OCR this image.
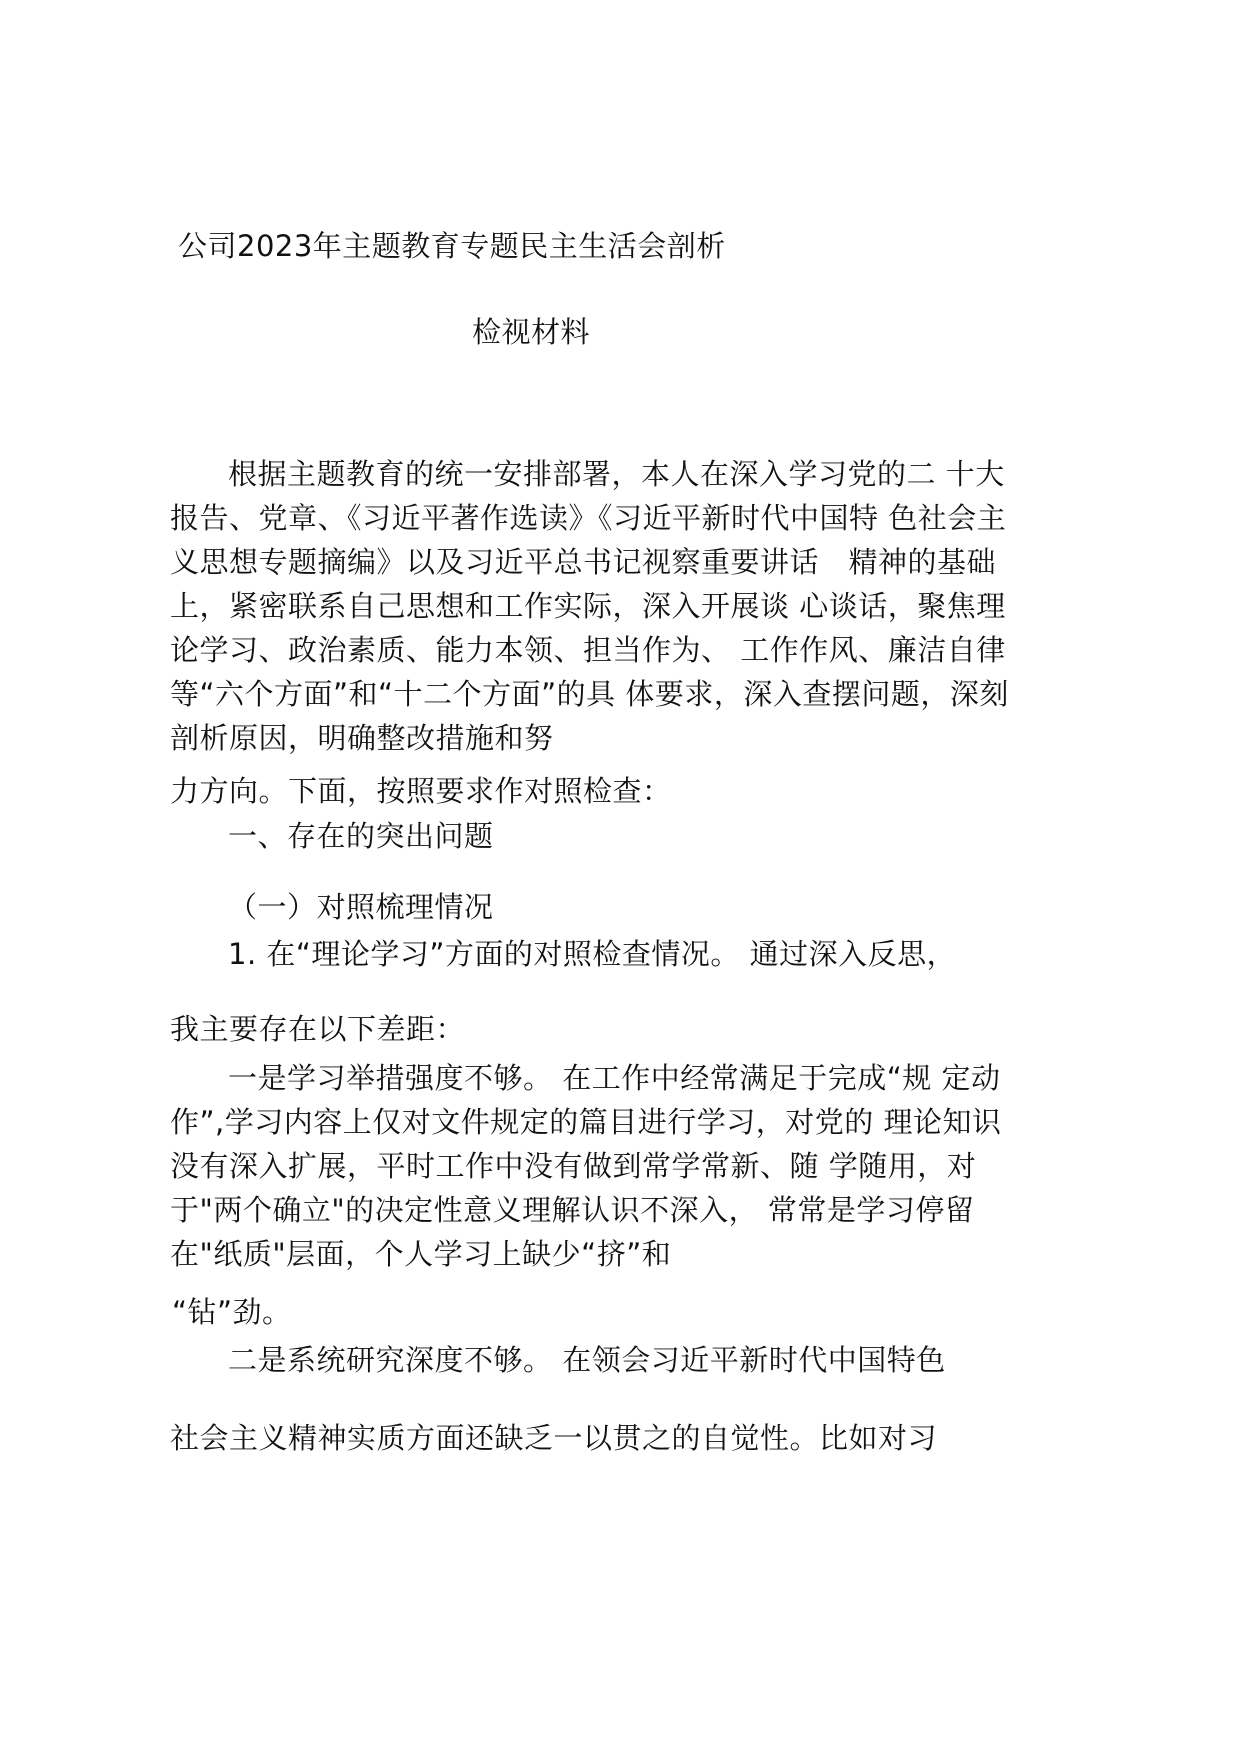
公司2023年主题教育专题民主生活会剖析
检视材料
根据主题教育的统一安排部署，本人在深入学习党的二 十大
报告、党章、《习近平著作选读》《习近平新时代中国特 色社会主
义思想专题摘编》以及习近平总书记视察重要讲话　精神的基础
上，紧密联系自己思想和工作实际，深入开展谈 心谈话，聚焦理
论学习、政治素质、能力本领、担当作为、 工作作风、廉洁自律
等“六个方面”和“十二个方面”的具 体要求，深入查摆问题，深刻
剖析原因，明确整改措施和努
力方向。下面，按照要求作对照检查：
一、存在的突出问题
（一）对照梳理情况
1. 在“理论学习”方面的对照检查情况。 通过深入反思，
我主要存在以下差距：
一是学习举措强度不够。 在工作中经常满足于完成“规 定动
作”,学习内容上仅对文件规定的篇目进行学习，对党的 理论知识
没有深入扩展，平时工作中没有做到常学常新、随 学随用，对
于"两个确立"的决定性意义理解认识不深入， 常常是学习停留
在"纸质"层面，个人学习上缺少“挤”和
“钻”劲。
二是系统研究深度不够。 在领会习近平新时代中国特色
社会主义精神实质方面还缺乏一以贯之的自觉性。比如对习
